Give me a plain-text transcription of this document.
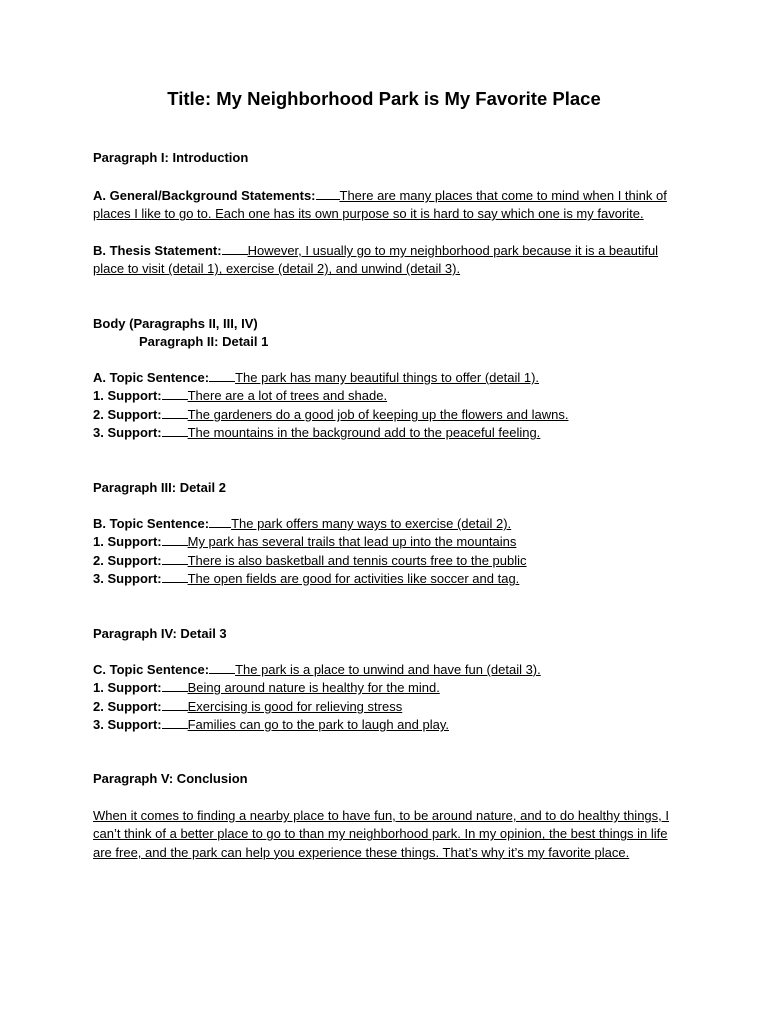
Title: My Neighborhood Park is My Favorite Place
Paragraph I: Introduction
A. General/Background Statements: There are many places that come to mind when I think of places I like to go to. Each one has its own purpose so it is hard to say which one is my favorite.
B. Thesis Statement: However, I usually go to my neighborhood park because it is a beautiful place to visit (detail 1), exercise (detail 2), and unwind (detail 3).
Body (Paragraphs II, III, IV)
Paragraph II: Detail 1
A. Topic Sentence: The park has many beautiful things to offer (detail 1).
1. Support: There are a lot of trees and shade.
2. Support: The gardeners do a good job of keeping up the flowers and lawns.
3. Support: The mountains in the background add to the peaceful feeling.
Paragraph III: Detail 2
B. Topic Sentence: The park offers many ways to exercise (detail 2).
1. Support: My park has several trails that lead up into the mountains
2. Support: There is also basketball and tennis courts free to the public
3. Support: The open fields are good for activities like soccer and tag.
Paragraph IV: Detail 3
C. Topic Sentence: The park is a place to unwind and have fun (detail 3).
1. Support: Being around nature is healthy for the mind.
2. Support: Exercising is good for relieving stress
3. Support: Families can go to the park to laugh and play.
Paragraph V: Conclusion
When it comes to finding a nearby place to have fun, to be around nature, and to do healthy things, I can’t think of a better place to go to than my neighborhood park. In my opinion, the best things in life are free, and the park can help you experience these things. That’s why it’s my favorite place.
